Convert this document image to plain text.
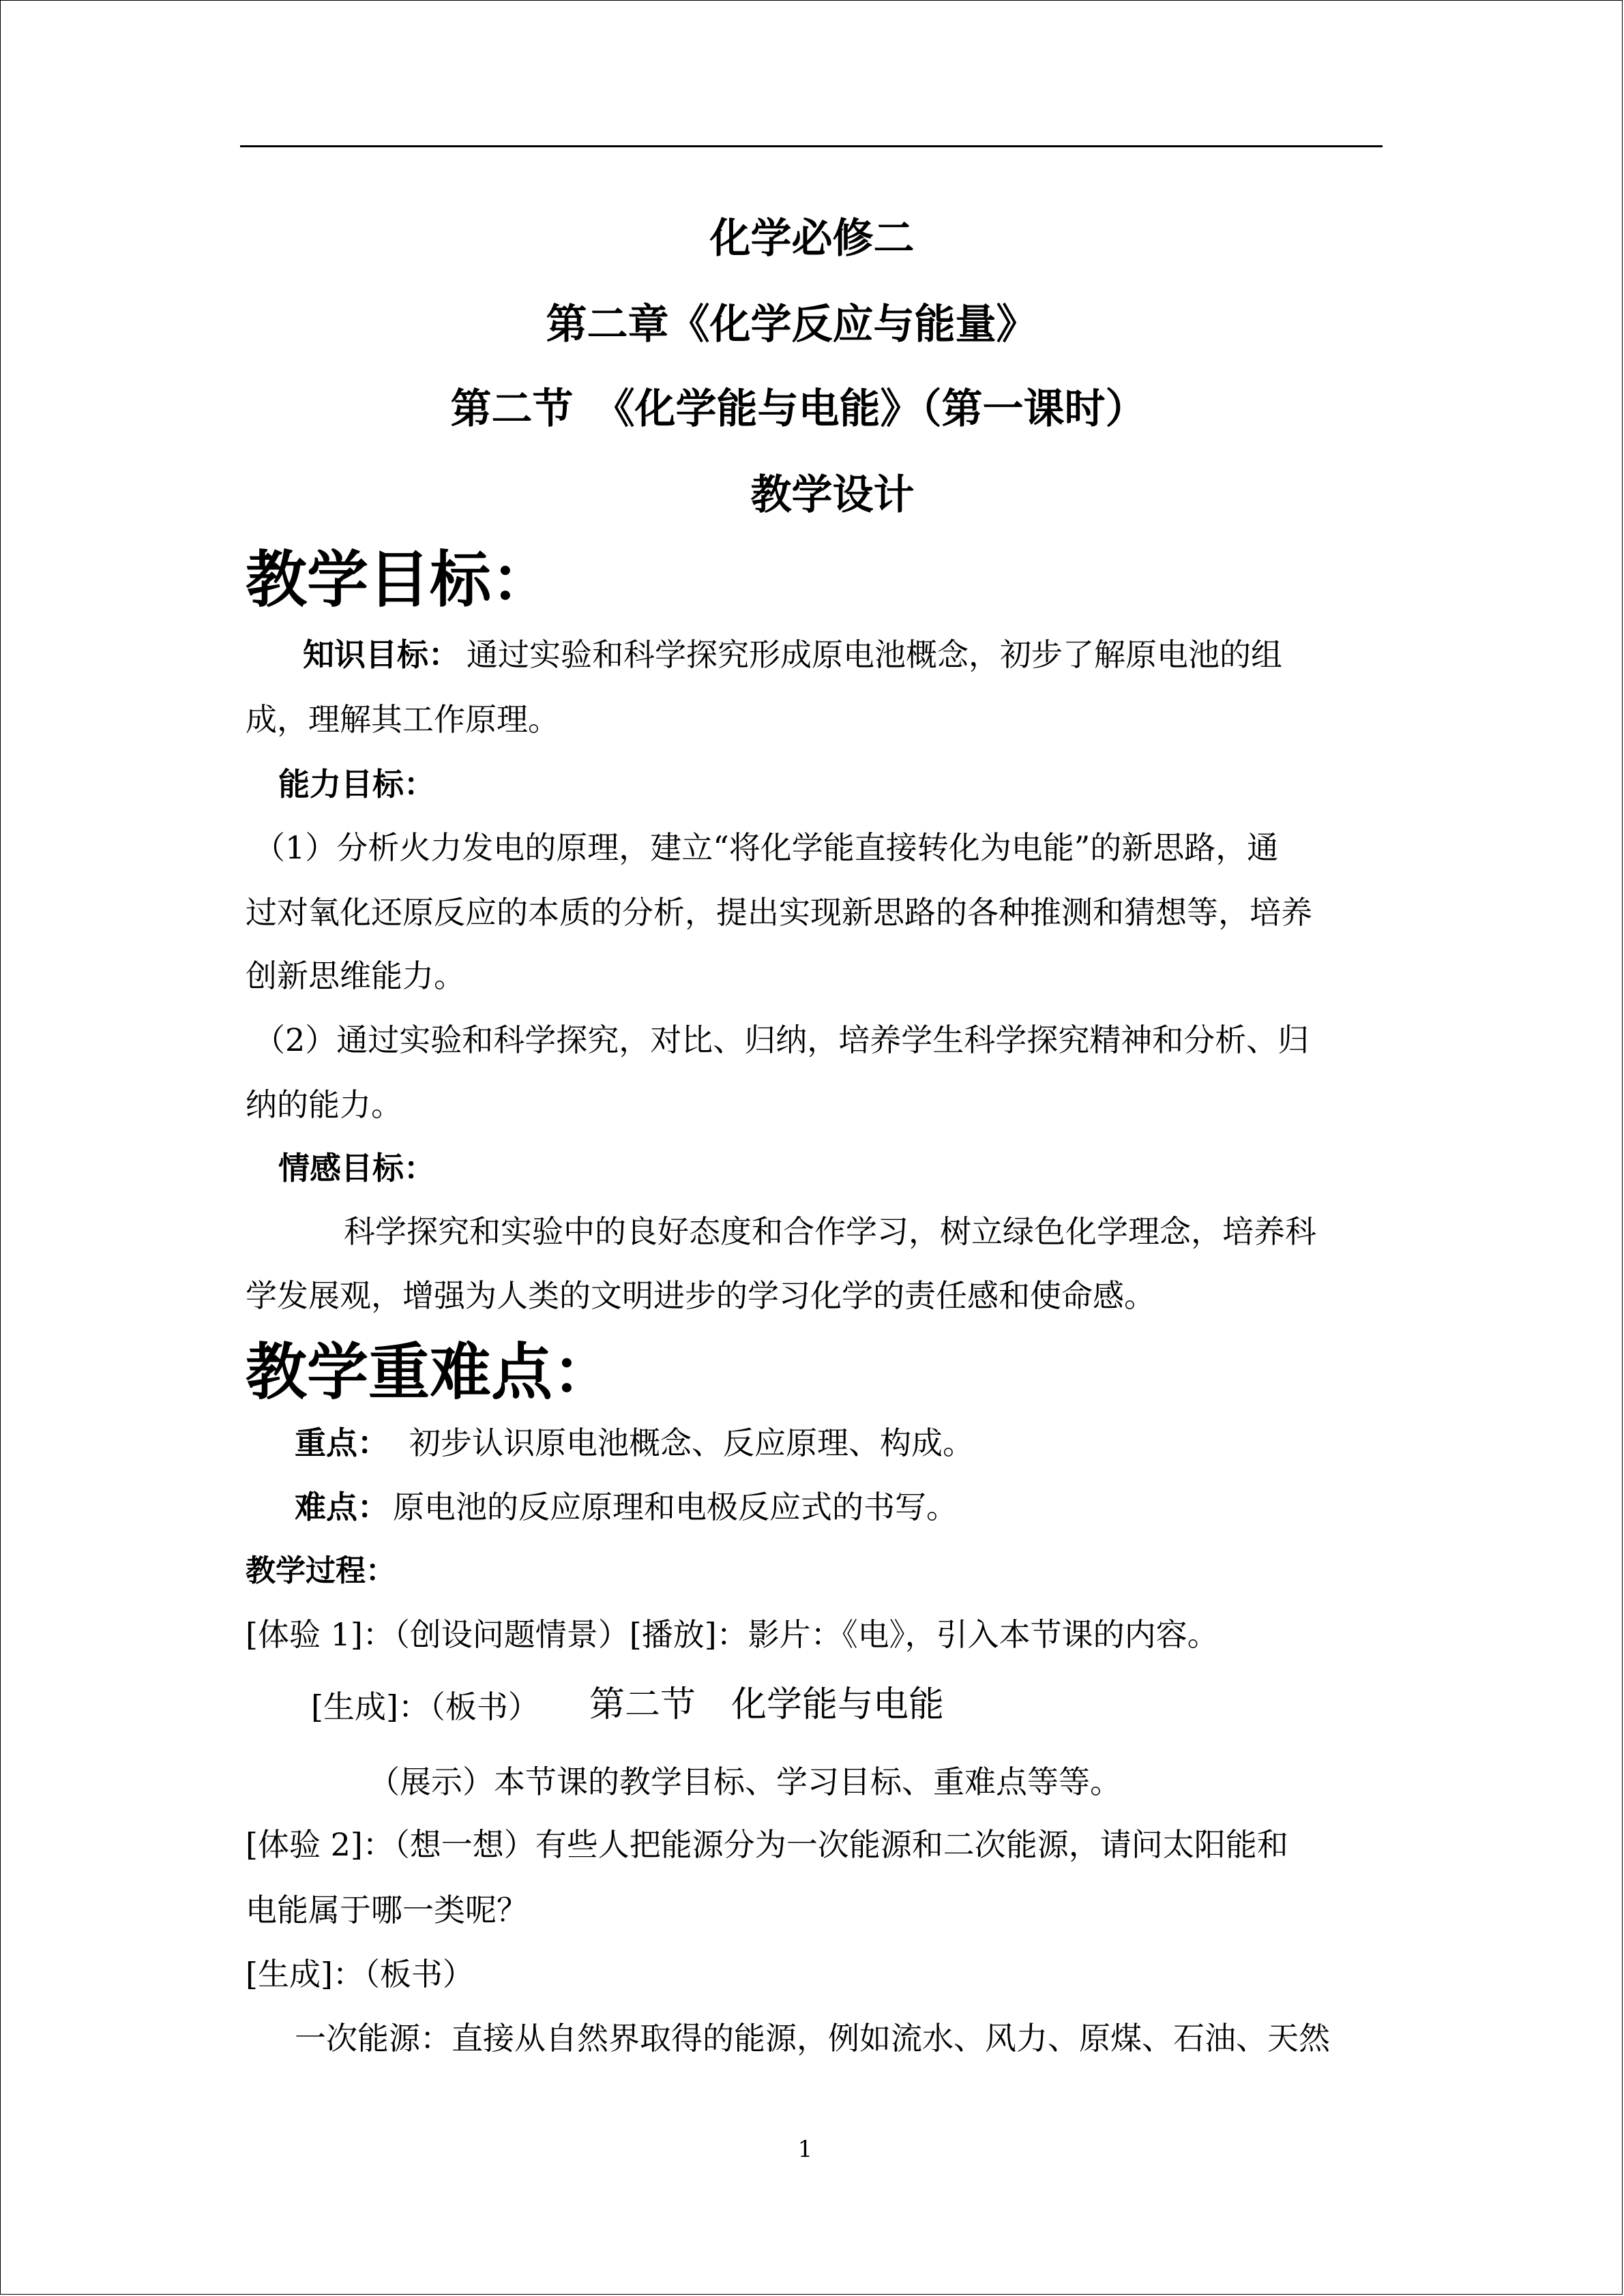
化学必修二
第二章《化学反应与能量》
第二节　《化学能与电能》（第一课时）
教学设计
教学目标：
知识目标： 通过实验和科学探究形成原电池概念，初步了解原电池的组
成，理解其工作原理。
能力目标：
（1）分析火力发电的原理，建立“将化学能直接转化为电能”的新思路，通
过对氧化还原反应的本质的分析，提出实现新思路的各种推测和猜想等，培养
创新思维能力。
（2）通过实验和科学探究，对比、归纳，培养学生科学探究精神和分析、归
纳的能力。
情感目标：
科学探究和实验中的良好态度和合作学习，树立绿色化学理念，培养科
学发展观，增强为人类的文明进步的学习化学的责任感和使命感。
教学重难点：
重点： 初步认识原电池概念、反应原理、构成。
难点： 原电池的反应原理和电极反应式的书写。
教学过程：
[体验 1]：（创设问题情景）[播放]：影片：《电》，引入本节课的内容。
[生成]：（板书） 第二节　化学能与电能
（展示）本节课的教学目标、学习目标、重难点等等。
[体验 2]：（想一想）有些人把能源分为一次能源和二次能源，请问太阳能和
电能属于哪一类呢？
[生成]：（板书）
一次能源：直接从自然界取得的能源，例如流水、风力、原煤、石油、天然
1
